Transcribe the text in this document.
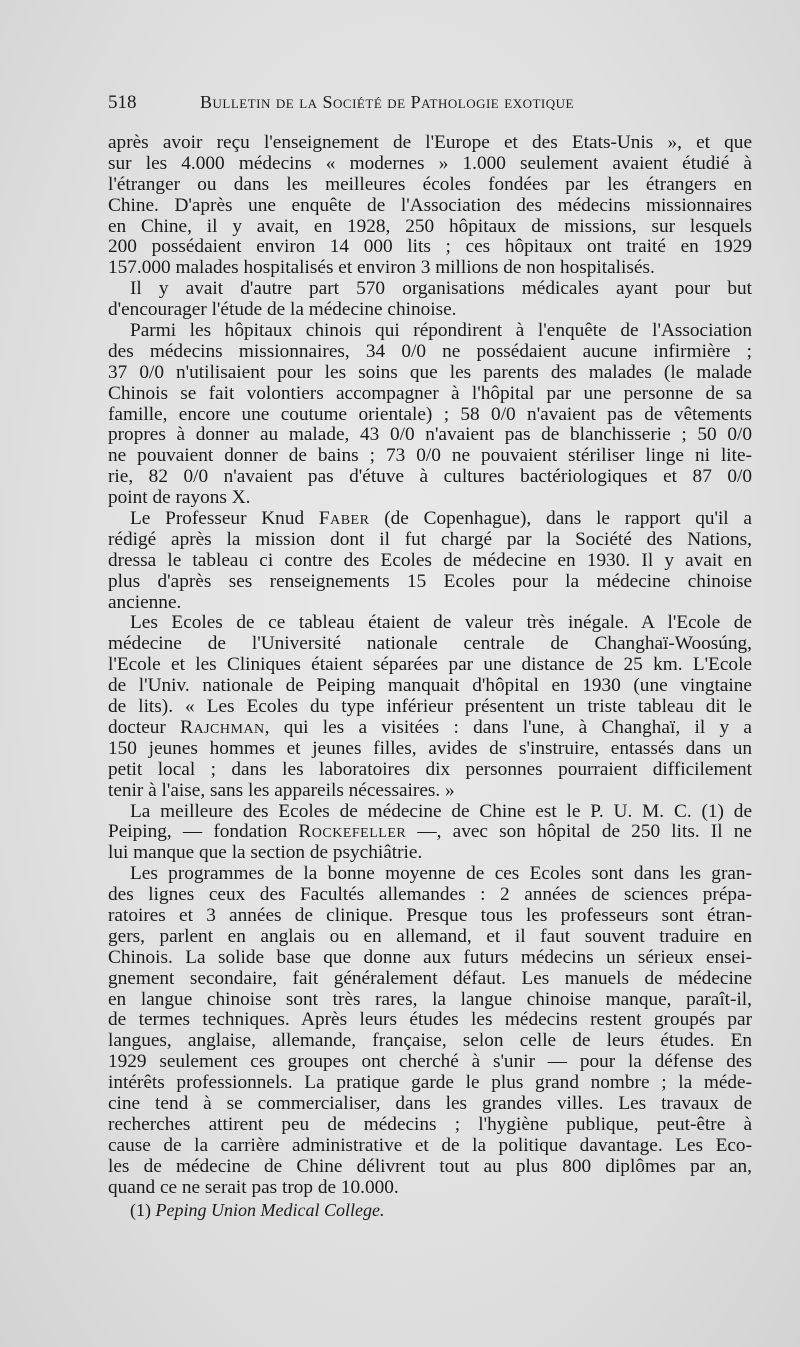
518	Bulletin de la Société de Pathologie exotique
après avoir reçu l'enseignement de l'Europe et des Etats-Unis », et que
sur les 4.000 médecins « modernes » 1.000 seulement avaient étudié à
l'étranger ou dans les meilleures écoles fondées par les étrangers en
Chine. D'après une enquête de l'Association des médecins missionnaires
en Chine, il y avait, en 1928, 250 hôpitaux de missions, sur lesquels
200 possédaient environ 14 000 lits ; ces hôpitaux ont traité en 1929
157.000 malades hospitalisés et environ 3 millions de non hospitalisés.
Il y avait d'autre part 570 organisations médicales ayant pour but
d'encourager l'étude de la médecine chinoise.
Parmi les hôpitaux chinois qui répondirent à l'enquête de l'Association
des médecins missionnaires, 34 0/0 ne possédaient aucune infirmière ;
37 0/0 n'utilisaient pour les soins que les parents des malades (le malade
Chinois se fait volontiers accompagner à l'hôpital par une personne de sa
famille, encore une coutume orientale) ; 58 0/0 n'avaient pas de vêtements
propres à donner au malade, 43 0/0 n'avaient pas de blanchisserie ; 50 0/0
ne pouvaient donner de bains ; 73 0/0 ne pouvaient stériliser linge ni lite-
rie, 82 0/0 n'avaient pas d'étuve à cultures bactériologiques et 87 0/0
point de rayons X.
Le Professeur Knud Faber (de Copenhague), dans le rapport qu'il a
rédigé après la mission dont il fut chargé par la Société des Nations,
dressa le tableau ci contre des Ecoles de médecine en 1930. Il y avait en
plus d'après ses renseignements 15 Ecoles pour la médecine chinoise
ancienne.
Les Ecoles de ce tableau étaient de valeur très inégale. A l'Ecole de
médecine de l'Université nationale centrale de Changhaï-Woosúng,
l'Ecole et les Cliniques étaient séparées par une distance de 25 km. L'Ecole
de l'Univ. nationale de Peiping manquait d'hôpital en 1930 (une vingtaine
de lits). « Les Ecoles du type inférieur présentent un triste tableau dit le
docteur Rajchman, qui les a visitées : dans l'une, à Changhaï, il y a
150 jeunes hommes et jeunes filles, avides de s'instruire, entassés dans un
petit local ; dans les laboratoires dix personnes pourraient difficilement
tenir à l'aise, sans les appareils nécessaires. »
La meilleure des Ecoles de médecine de Chine est le P. U. M. C. (1) de
Peiping, — fondation Rockefeller —, avec son hôpital de 250 lits. Il ne
lui manque que la section de psychiâtrie.
Les programmes de la bonne moyenne de ces Ecoles sont dans les gran-
des lignes ceux des Facultés allemandes : 2 années de sciences prépa-
ratoires et 3 années de clinique. Presque tous les professeurs sont étran-
gers, parlent en anglais ou en allemand, et il faut souvent traduire en
Chinois. La solide base que donne aux futurs médecins un sérieux ensei-
gnement secondaire, fait généralement défaut. Les manuels de médecine
en langue chinoise sont très rares, la langue chinoise manque, paraît-il,
de termes techniques. Après leurs études les médecins restent groupés par
langues, anglaise, allemande, française, selon celle de leurs études. En
1929 seulement ces groupes ont cherché à s'unir — pour la défense des
intérêts professionnels. La pratique garde le plus grand nombre ; la méde-
cine tend à se commercialiser, dans les grandes villes. Les travaux de
recherches attirent peu de médecins ; l'hygiène publique, peut-être à
cause de la carrière administrative et de la politique davantage. Les Eco-
les de médecine de Chine délivrent tout au plus 800 diplômes par an,
quand ce ne serait pas trop de 10.000.
(1) Peping Union Medical College.
